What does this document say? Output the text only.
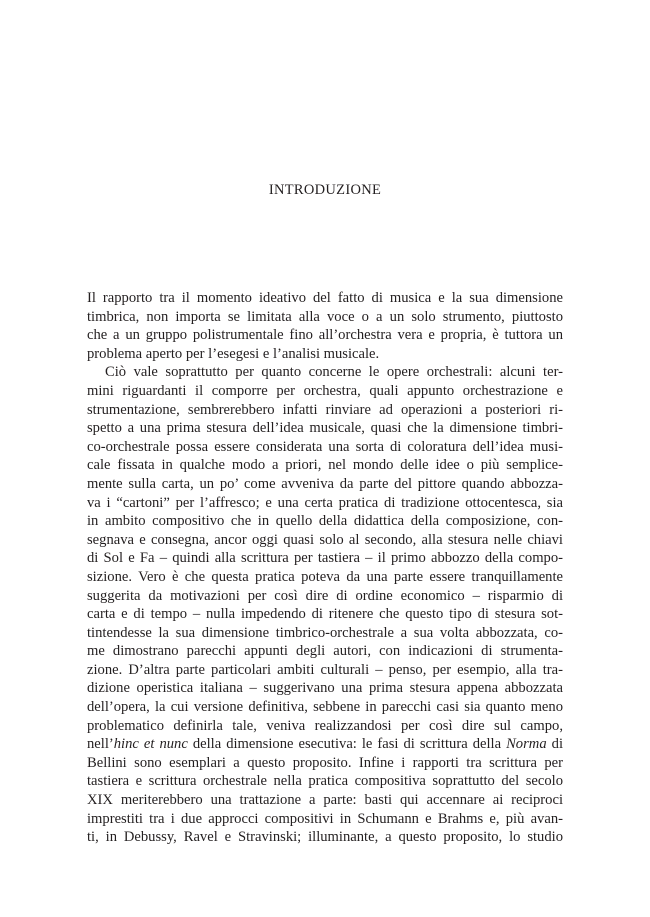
INTRODUZIONE
Il rapporto tra il momento ideativo del fatto di musica e la sua dimensione
timbrica, non importa se limitata alla voce o a un solo strumento, piuttosto
che a un gruppo polistrumentale fino all’orchestra vera e propria, è tuttora un
problema aperto per l’esegesi e l’analisi musicale.
Ciò vale soprattutto per quanto concerne le opere orchestrali: alcuni ter-
mini riguardanti il comporre per orchestra, quali appunto orchestrazione e
strumentazione, sembrerebbero infatti rinviare ad operazioni a posteriori ri-
spetto a una prima stesura dell’idea musicale, quasi che la dimensione timbri-
co-orchestrale possa essere considerata una sorta di coloratura dell’idea musi-
cale fissata in qualche modo a priori, nel mondo delle idee o più semplice-
mente sulla carta, un po’ come avveniva da parte del pittore quando abbozza-
va i “cartoni” per l’affresco; e una certa pratica di tradizione ottocentesca, sia
in ambito compositivo che in quello della didattica della composizione, con-
segnava e consegna, ancor oggi quasi solo al secondo, alla stesura nelle chiavi
di Sol e Fa – quindi alla scrittura per tastiera – il primo abbozzo della compo-
sizione. Vero è che questa pratica poteva da una parte essere tranquillamente
suggerita da motivazioni per così dire di ordine economico – risparmio di
carta e di tempo – nulla impedendo di ritenere che questo tipo di stesura sot-
tintendesse la sua dimensione timbrico-orchestrale a sua volta abbozzata, co-
me dimostrano parecchi appunti degli autori, con indicazioni di strumenta-
zione. D’altra parte particolari ambiti culturali – penso, per esempio, alla tra-
dizione operistica italiana – suggerivano una prima stesura appena abbozzata
dell’opera, la cui versione definitiva, sebbene in parecchi casi sia quanto meno
problematico definirla tale, veniva realizzandosi per così dire sul campo,
nell’hinc et nunc della dimensione esecutiva: le fasi di scrittura della Norma di
Bellini sono esemplari a questo proposito. Infine i rapporti tra scrittura per
tastiera e scrittura orchestrale nella pratica compositiva soprattutto del secolo
XIX meriterebbero una trattazione a parte: basti qui accennare ai reciproci
imprestiti tra i due approcci compositivi in Schumann e Brahms e, più avan-
ti, in Debussy, Ravel e Stravinski; illuminante, a questo proposito, lo studio
